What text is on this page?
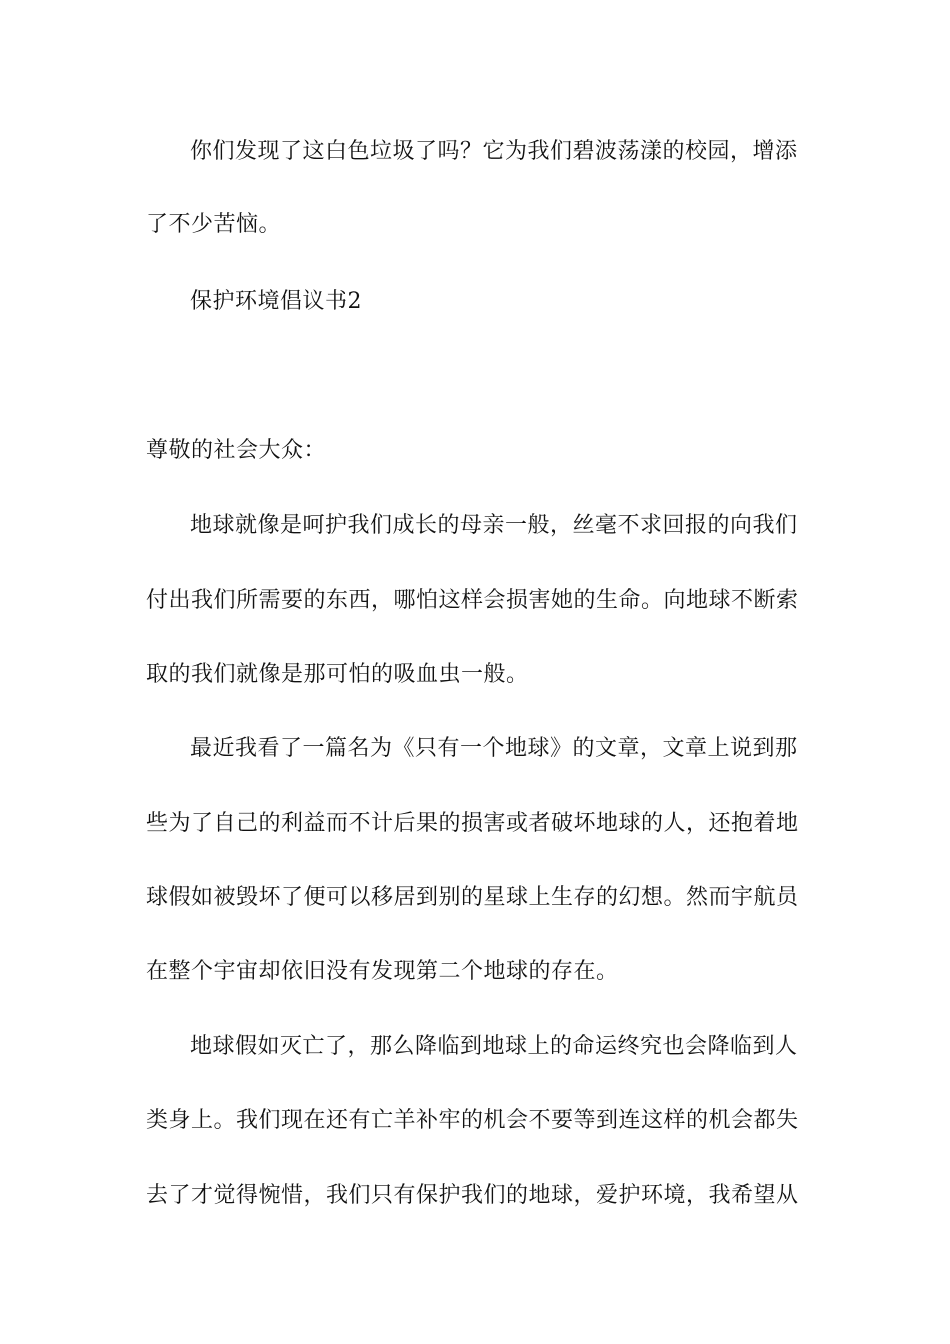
你们发现了这白色垃圾了吗？它为我们碧波荡漾的校园，增添
了不少苦恼。
保护环境倡议书2
尊敬的社会大众：
地球就像是呵护我们成长的母亲一般，丝毫不求回报的向我们
付出我们所需要的东西，哪怕这样会损害她的生命。向地球不断索
取的我们就像是那可怕的吸血虫一般。
最近我看了一篇名为《只有一个地球》的文章，文章上说到那
些为了自己的利益而不计后果的损害或者破坏地球的人，还抱着地
球假如被毁坏了便可以移居到别的星球上生存的幻想。然而宇航员
在整个宇宙却依旧没有发现第二个地球的存在。
地球假如灭亡了，那么降临到地球上的命运终究也会降临到人
类身上。我们现在还有亡羊补牢的机会不要等到连这样的机会都失
去了才觉得惋惜，我们只有保护我们的地球，爱护环境，我希望从
